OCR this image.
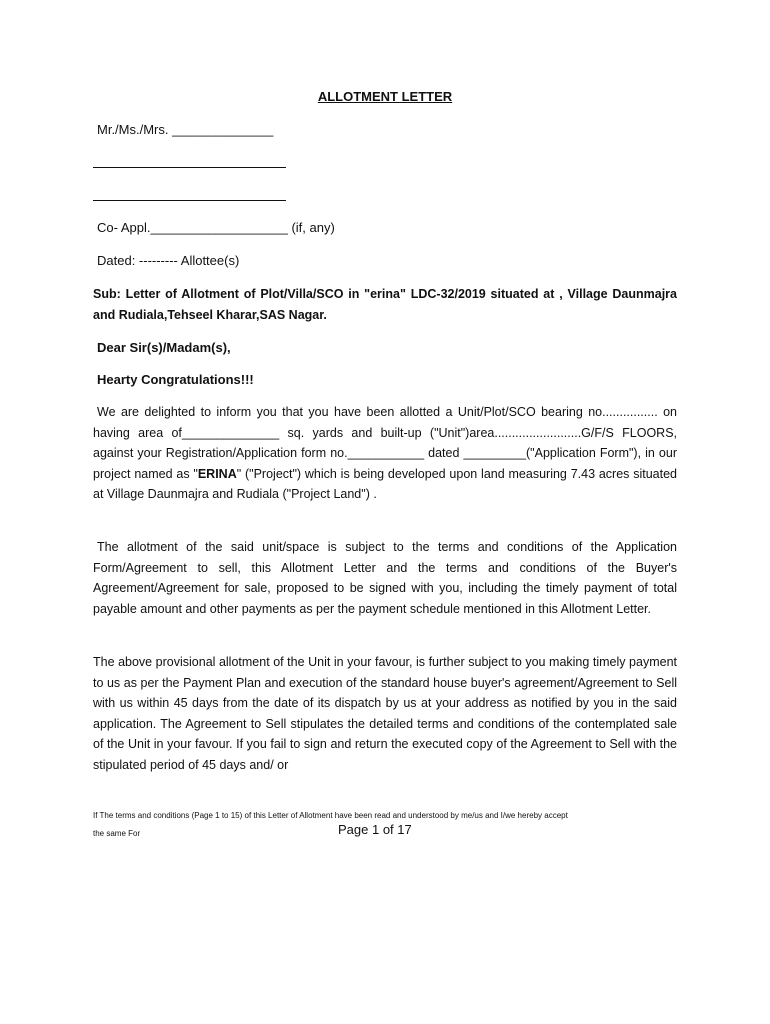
ALLOTMENT LETTER
Mr./Ms./Mrs. ______________
Co- Appl.___________________ (if, any)
Dated: --------- Allottee(s)
Sub: Letter of Allotment of Plot/Villa/SCO in "erina" LDC-32/2019 situated at , Village Daunmajra and Rudiala,Tehseel Kharar,SAS Nagar.
Dear Sir(s)/Madam(s),
Hearty Congratulations!!!

We are delighted to inform you that you have been allotted a Unit/Plot/SCO bearing no................ on having area of______________ sq. yards and built-up ("Unit")area.........................G/F/S FLOORS, against your Registration/Application form no.___________ dated _________("Application Form"), in our project named as "ERINA" ("Project") which is being developed upon land measuring 7.43 acres situated at Village Daunmajra and Rudiala ("Project Land") .

The allotment of the said unit/space is subject to the terms and conditions of the Application Form/Agreement to sell, this Allotment Letter and the terms and conditions of the Buyer's Agreement/Agreement for sale, proposed to be signed with you, including the timely payment of total payable amount and other payments as per the payment schedule mentioned in this Allotment Letter.

The above provisional allotment of the Unit in your favour, is further subject to you making timely payment to us as per the Payment Plan and execution of the standard house buyer's agreement/Agreement to Sell with us within 45 days from the date of its dispatch by us at your address as notified by you in the said application. The Agreement to Sell stipulates the detailed terms and conditions of the contemplated sale of the Unit in your favour. If you fail to sign and return the executed copy of the Agreement to Sell with the stipulated period of 45 days and/ or

If The terms and conditions (Page 1 to 15) of this Letter of Allotment have been read and understood by me/us and I/we hereby accept
the same For	Page 1 of 17
